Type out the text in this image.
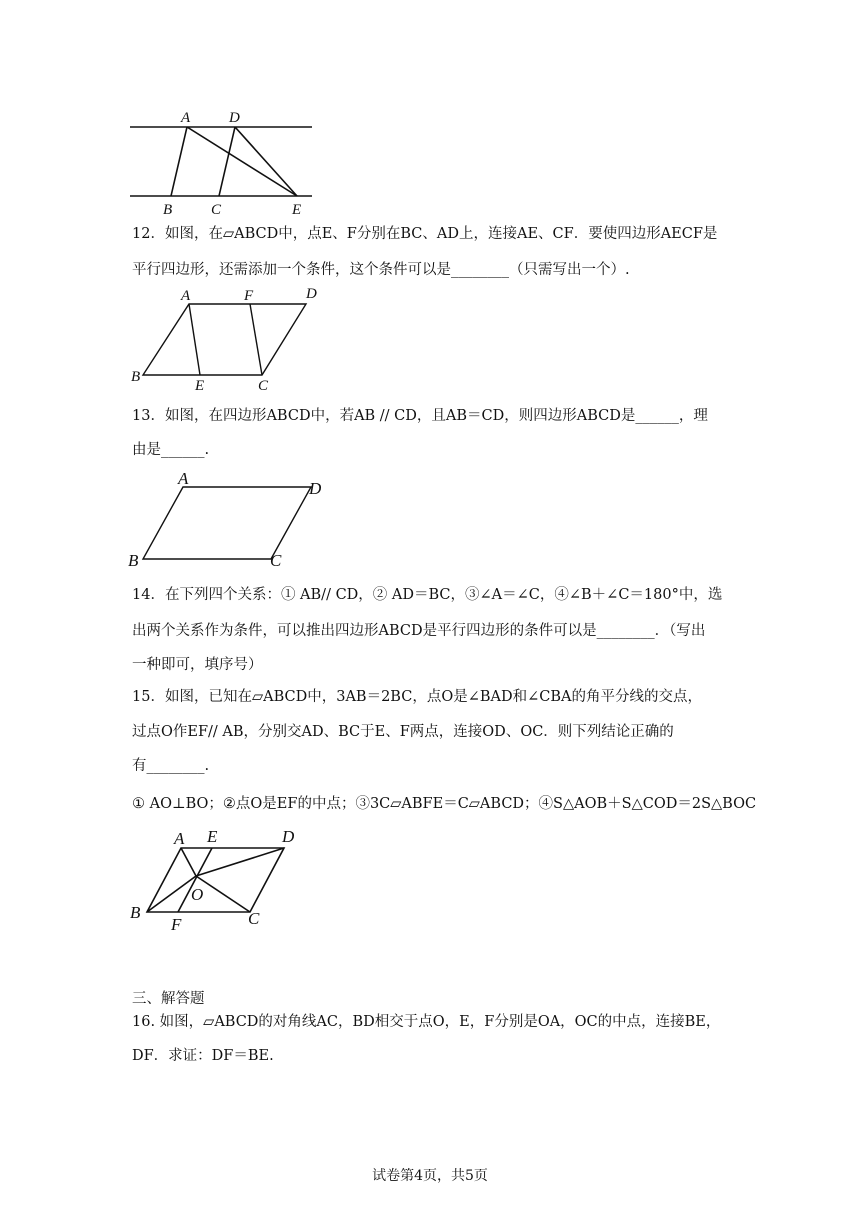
A	D
B	C	E
12．如图，在▱ABCD中，点E、F分别在BC、AD上，连接AE、CF．要使四边形AECF是
平行四边形，还需添加一个条件，这个条件可以是________（只需写出一个）.
A	F	D
B
E	C
13．如图，在四边形ABCD中，若AB // CD，且AB＝CD，则四边形ABCD是______，理
由是______.
A
D
B	C
14．在下列四个关系：① AB// CD，② AD＝BC，③∠A＝∠C，④∠B＋∠C＝180°中，选
出两个关系作为条件，可以推出四边形ABCD是平行四边形的条件可以是________．（写出
一种即可，填序号）
15．如图，已知在▱ABCD中，3AB＝2BC，点O是∠BAD和∠CBA的角平分线的交点，
过点O作EF// AB，分别交AD、BC于E、F两点，连接OD、OC．则下列结论正确的
有________.
① AO⊥BO；②点O是EF的中点；③3C▱ABFE＝C▱ABCD；④S△AOB＋S△COD＝2S△BOC
A E	D
O
B
F	C
三、解答题
16. 如图，▱ABCD的对角线AC，BD相交于点O，E，F分别是OA，OC的中点，连接BE，
DF．求证：DF＝BE.
试卷第4页，共5页
